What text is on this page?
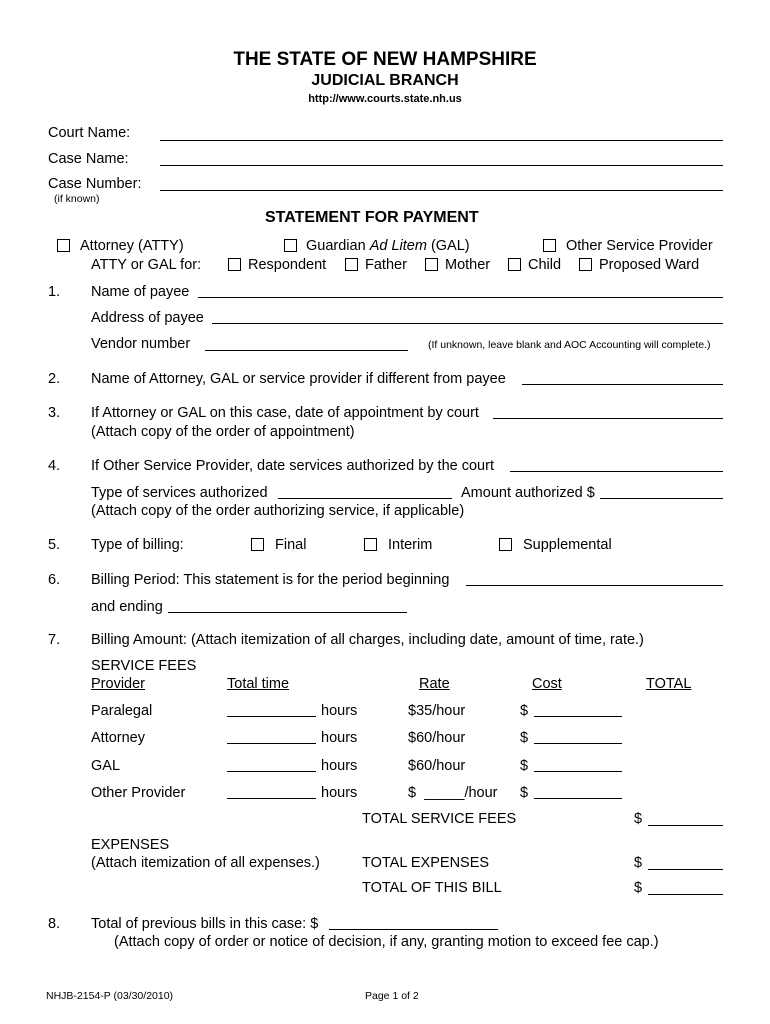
THE STATE OF NEW HAMPSHIRE
JUDICIAL BRANCH
http://www.courts.state.nh.us
Court Name:
Case Name:
Case Number:
(if known)
STATEMENT FOR PAYMENT
Attorney (ATTY)	Guardian Ad Litem (GAL)	Other Service Provider
ATTY or GAL for:	Respondent	Father	Mother	Child	Proposed Ward
1. Name of payee
Address of payee
Vendor number	(If unknown, leave blank and AOC Accounting will complete.)
2. Name of Attorney, GAL or service provider if different from payee
3. If Attorney or GAL on this case, date of appointment by court
(Attach copy of the order of appointment)
4. If Other Service Provider, date services authorized by the court
Type of services authorized	Amount authorized $
(Attach copy of the order authorizing service, if applicable)
5. Type of billing:	Final	Interim	Supplemental
6. Billing Period: This statement is for the period beginning
and ending
7. Billing Amount: (Attach itemization of all charges, including date, amount of time, rate.)
SERVICE FEES
Provider	Total time	Rate	Cost	TOTAL
Paralegal	hours	$35/hour	$
Attorney	hours	$60/hour	$
GAL	hours	$60/hour	$
Other Provider	hours	$  _____/hour $
TOTAL SERVICE FEES	$
EXPENSES
(Attach itemization of all expenses.)	TOTAL EXPENSES	$
TOTAL OF THIS BILL	$
8. Total of previous bills in this case: $
(Attach copy of order or notice of decision, if any, granting motion to exceed fee cap.)
NHJB-2154-P (03/30/2010)	Page 1 of 2
